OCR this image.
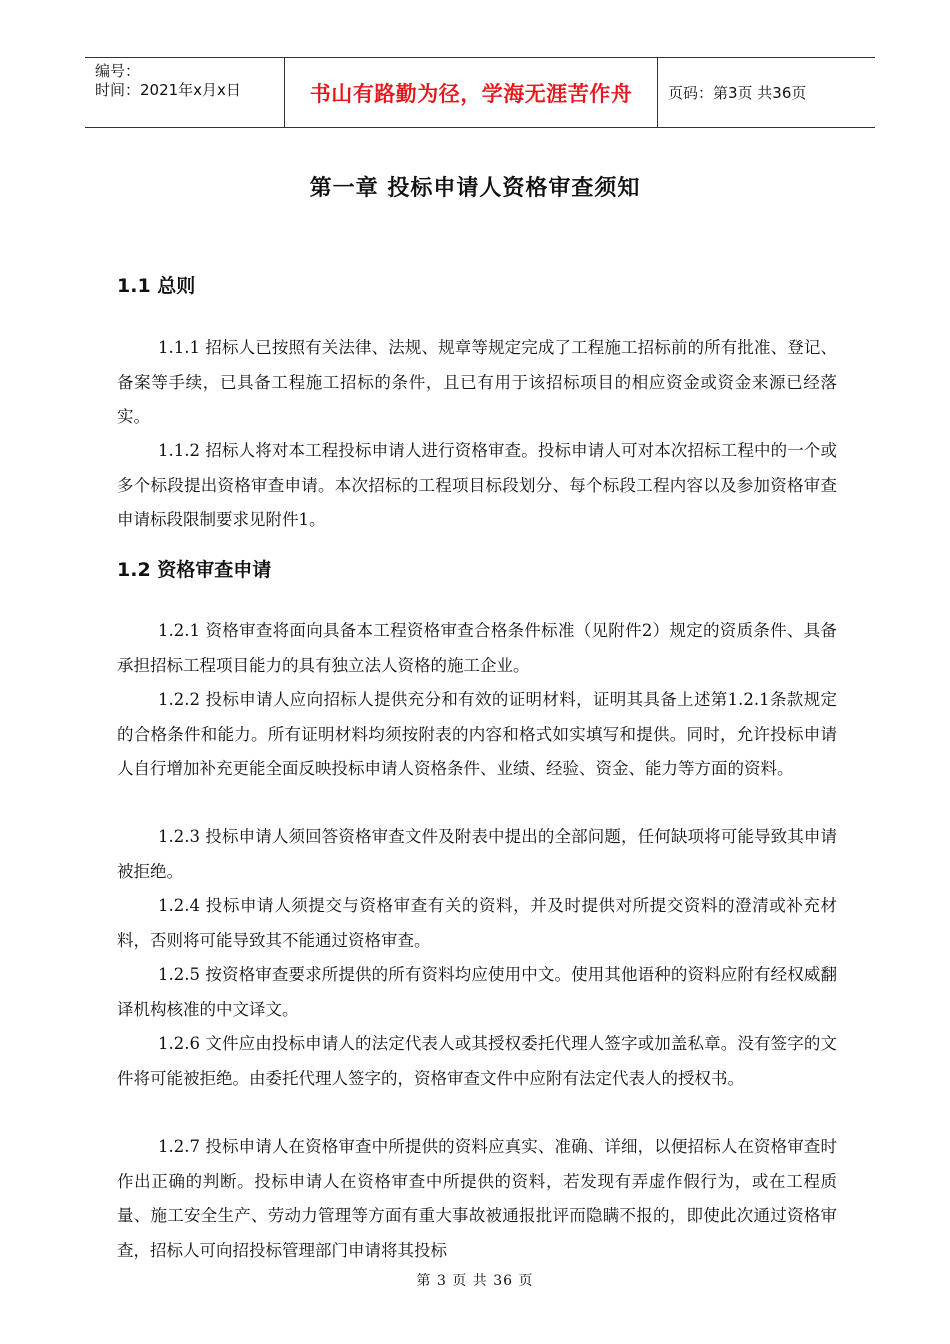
编号：
时间：2021年x月x日	书山有路勤为径，学海无涯苦作舟	页码：第3页 共36页
第一章 投标申请人资格审查须知
1.1 总则

1.1.1 招标人已按照有关法律、法规、规章等规定完成了工程施工招标前的所有批准、登记、备案等手续，已具备工程施工招标的条件，且已有用于该招标项目的相应资金或资金来源已经落实。

1.1.2 招标人将对本工程投标申请人进行资格审查。投标申请人可对本次招标工程中的一个或多个标段提出资格审查申请。本次招标的工程项目标段划分、每个标段工程内容以及参加资格审查申请标段限制要求见附件1。

1.2 资格审查申请

1.2.1 资格审查将面向具备本工程资格审查合格条件标准（见附件2）规定的资质条件、具备承担招标工程项目能力的具有独立法人资格的施工企业。

1.2.2 投标申请人应向招标人提供充分和有效的证明材料，证明其具备上述第1.2.1条款规定的合格条件和能力。所有证明材料均须按附表的内容和格式如实填写和提供。同时，允许投标申请人自行增加补充更能全面反映投标申请人资格条件、业绩、经验、资金、能力等方面的资料。

1.2.3 投标申请人须回答资格审查文件及附表中提出的全部问题，任何缺项将可能导致其申请被拒绝。

1.2.4 投标申请人须提交与资格审查有关的资料，并及时提供对所提交资料的澄清或补充材料，否则将可能导致其不能通过资格审查。

1.2.5 按资格审查要求所提供的所有资料均应使用中文。使用其他语种的资料应附有经权威翻译机构核准的中文译文。

1.2.6 文件应由投标申请人的法定代表人或其授权委托代理人签字或加盖私章。没有签字的文件将可能被拒绝。由委托代理人签字的，资格审查文件中应附有法定代表人的授权书。

1.2.7 投标申请人在资格审查中所提供的资料应真实、准确、详细，以便招标人在资格审查时作出正确的判断。投标申请人在资格审查中所提供的资料，若发现有弄虚作假行为，或在工程质量、施工安全生产、劳动力管理等方面有重大事故被通报批评而隐瞒不报的，即使此次通过资格审查，招标人可向招投标管理部门申请将其投标

第 3 页 共 36 页
